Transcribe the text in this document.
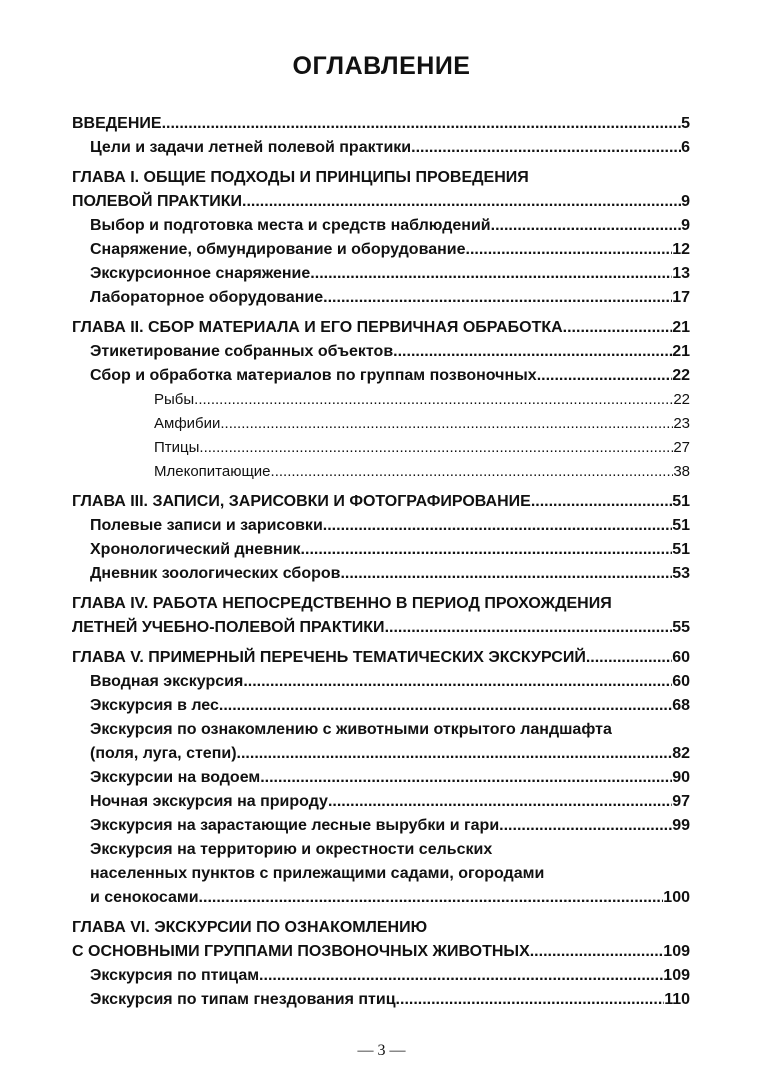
ОГЛАВЛЕНИЕ
ВВЕДЕНИЕ .....	5
Цели и задачи летней полевой практики .....	6
ГЛАВА I. ОБЩИЕ ПОДХОДЫ И ПРИНЦИПЫ ПРОВЕДЕНИЯ
ПОЛЕВОЙ ПРАКТИКИ .....	9
Выбор и подготовка места и средств наблюдений .....	9
Снаряжение, обмундирование и оборудование .....	12
Экскурсионное снаряжение .....	13
Лабораторное оборудование .....	17
ГЛАВА II. СБОР МАТЕРИАЛА И ЕГО ПЕРВИЧНАЯ ОБРАБОТКА .....	21
Этикетирование собранных объектов .....	21
Сбор и обработка материалов по группам позвоночных .....	22
Рыбы .....	22
Амфибии .....	23
Птицы .....	27
Млекопитающие .....	38
ГЛАВА III. ЗАПИСИ, ЗАРИСОВКИ И ФОТОГРАФИРОВАНИЕ .....	51
Полевые записи и зарисовки .....	51
Хронологический дневник .....	51
Дневник зоологических сборов .....	53
ГЛАВА IV. РАБОТА НЕПОСРЕДСТВЕННО В ПЕРИОД ПРОХОЖДЕНИЯ
ЛЕТНЕЙ УЧЕБНО-ПОЛЕВОЙ ПРАКТИКИ .....	55
ГЛАВА V. ПРИМЕРНЫЙ ПЕРЕЧЕНЬ ТЕМАТИЧЕСКИХ ЭКСКУРСИЙ .....	60
Вводная экскурсия .....	60
Экскурсия в лес .....	68
Экскурсия по ознакомлению с животными открытого ландшафта
(поля, луга, степи) .....	82
Экскурсии на водоем .....	90
Ночная экскурсия на природу .....	97
Экскурсия на зарастающие лесные вырубки и гари .....	99
Экскурсия на территорию и окрестности сельских
населенных пунктов с прилежащими садами, огородами
и сенокосами .....	100
ГЛАВА VI. ЭКСКУРСИИ ПО ОЗНАКОМЛЕНИЮ
С ОСНОВНЫМИ ГРУППАМИ ПОЗВОНОЧНЫХ ЖИВОТНЫХ .....	109
Экскурсия по птицам .....	109
Экскурсия по типам гнездования птиц .....	110
— 3 —
